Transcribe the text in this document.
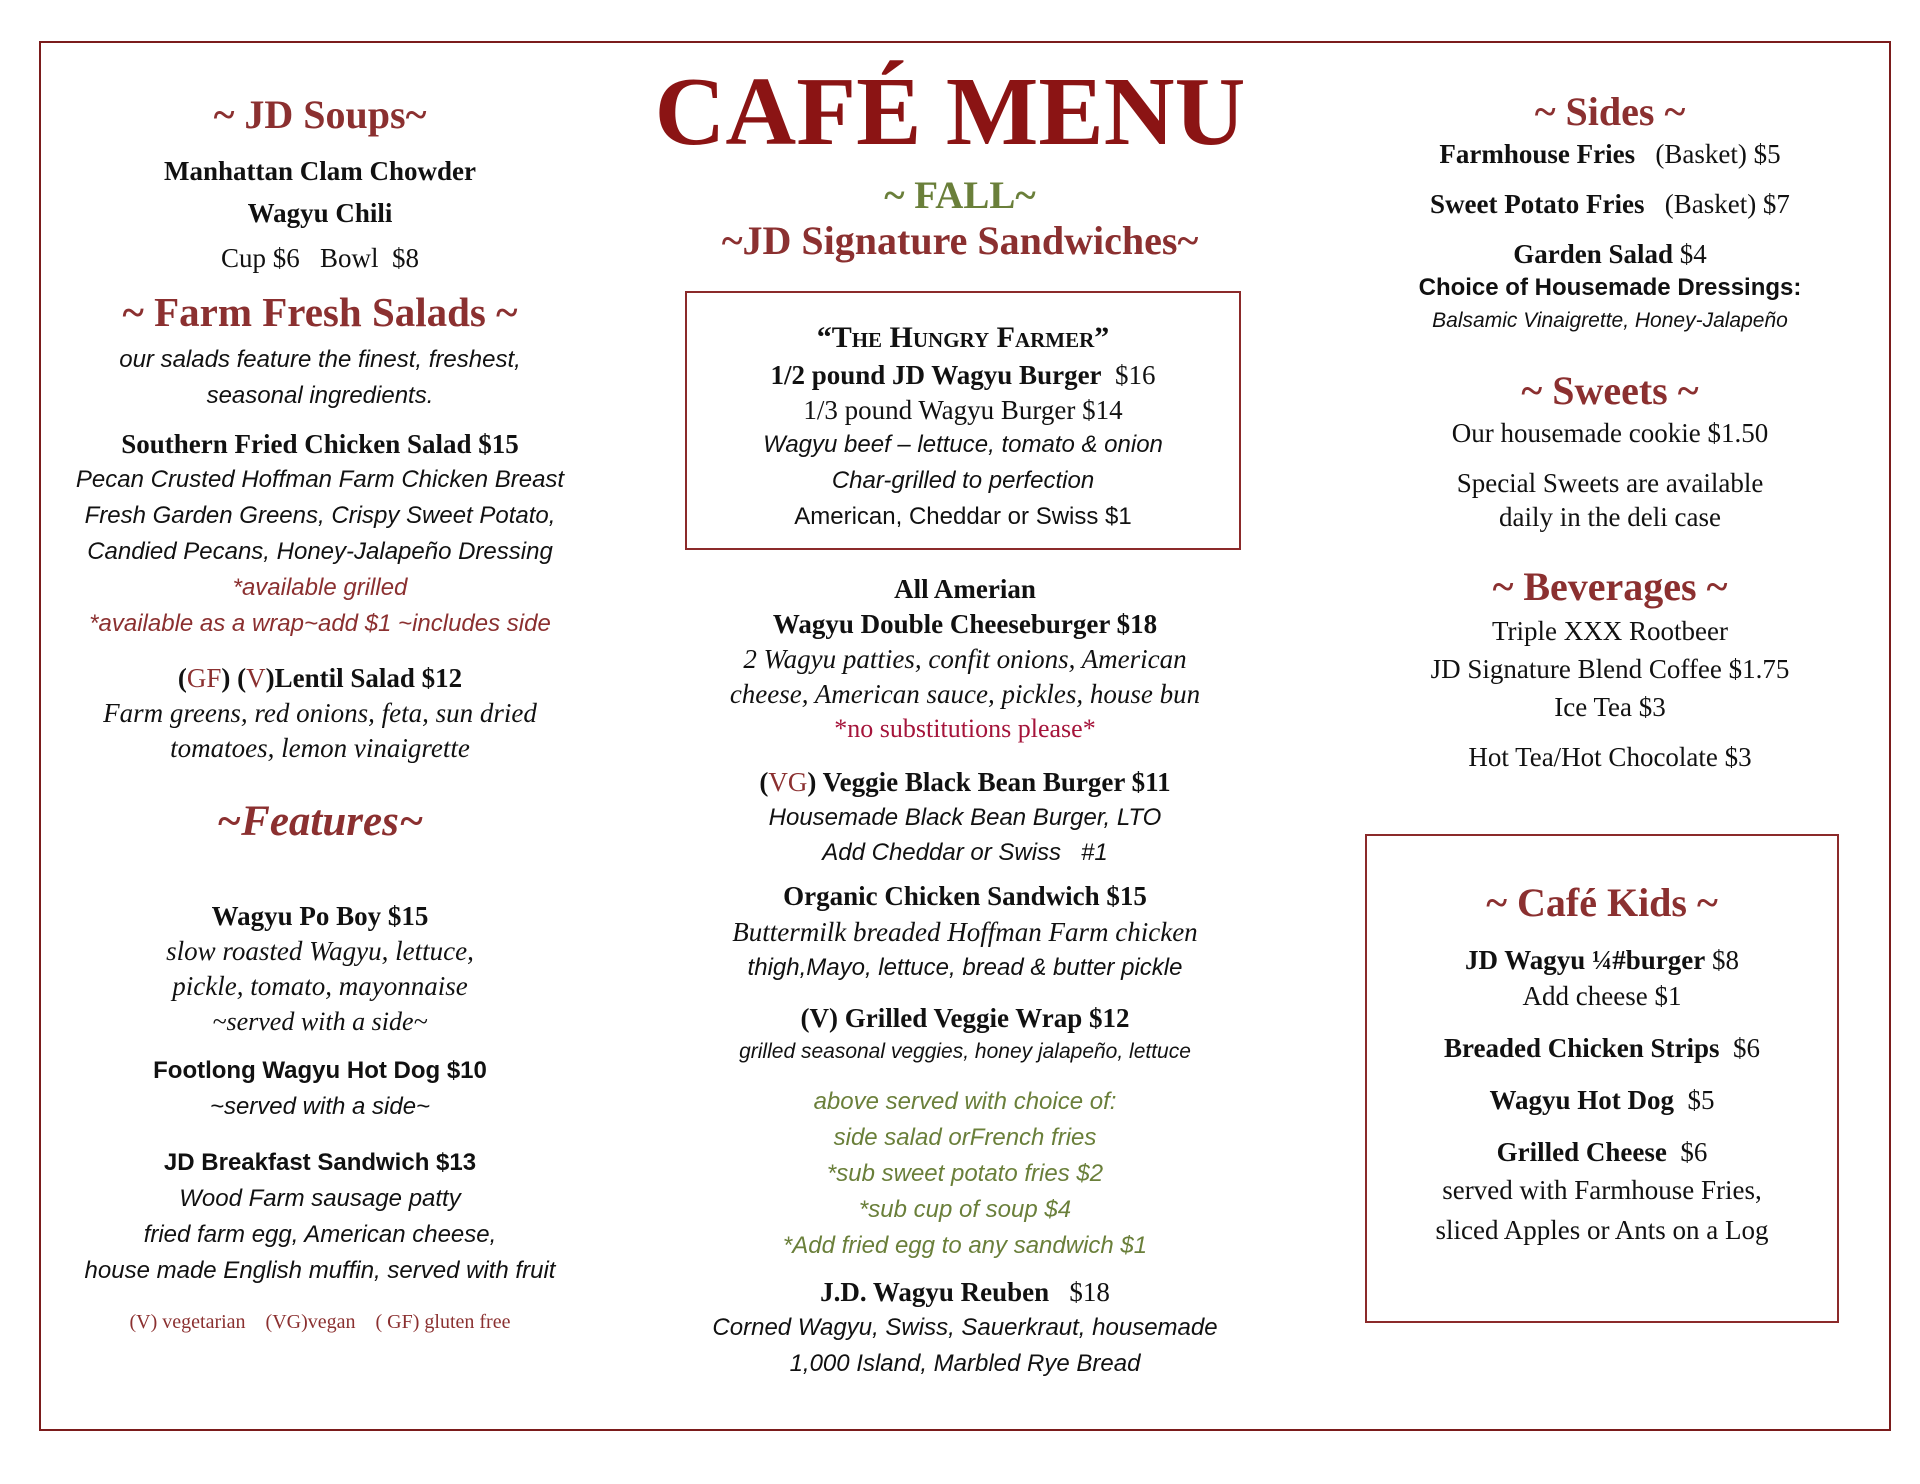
CAFÉ MENU
~ JD Soups~
Manhattan Clam Chowder
Wagyu Chili
Cup $6   Bowl  $8
~ Farm Fresh Salads ~
our salads feature the finest, freshest,
seasonal ingredients.
Southern Fried Chicken Salad $15
Pecan Crusted Hoffman Farm Chicken Breast
Fresh Garden Greens, Crispy Sweet Potato,
Candied Pecans, Honey-Jalapeño Dressing
*available grilled
*available as a wrap~add $1 ~includes side
(GF) (V)Lentil Salad $12
Farm greens, red onions, feta, sun dried
tomatoes, lemon vinaigrette
~Features~
Wagyu Po Boy $15
slow roasted Wagyu, lettuce,
pickle, tomato, mayonnaise
~served with a side~
Footlong Wagyu Hot Dog $10
~served with a side~
JD Breakfast Sandwich $13
Wood Farm sausage patty
fried farm egg, American cheese,
house made English muffin, served with fruit
(V) vegetarian    (VG)vegan    ( GF) gluten free
~ FALL~
~JD Signature Sandwiches~
“The Hungry Farmer”
1/2 pound JD Wagyu Burger $16
1/3 pound Wagyu Burger $14
Wagyu beef – lettuce, tomato & onion
Char-grilled to perfection
American, Cheddar or Swiss $1
All Amerian
Wagyu Double Cheeseburger $18
2 Wagyu patties, confit onions, American
cheese, American sauce, pickles, house bun
*no substitutions please*
(VG) Veggie Black Bean Burger $11
Housemade Black Bean Burger, LTO
Add Cheddar or Swiss   #1
Organic Chicken Sandwich $15
Buttermilk breaded Hoffman Farm chicken
thigh,Mayo, lettuce, bread & butter pickle
(V) Grilled Veggie Wrap $12
grilled seasonal veggies, honey jalapeño, lettuce
above served with choice of:
side salad orFrench fries
*sub sweet potato fries $2
*sub cup of soup $4
*Add fried egg to any sandwich $1
J.D. Wagyu Reuben $18
Corned Wagyu, Swiss, Sauerkraut, housemade
1,000 Island, Marbled Rye Bread
~ Sides ~
Farmhouse Fries (Basket) $5
Sweet Potato Fries (Basket) $7
Garden Salad $4
Choice of Housemade Dressings:
Balsamic Vinaigrette, Honey-Jalapeño
~ Sweets ~
Our housemade cookie $1.50
Special Sweets are available
daily in the deli case
~ Beverages ~
Triple XXX Rootbeer
JD Signature Blend Coffee $1.75
Ice Tea $3
Hot Tea/Hot Chocolate $3
~ Café Kids ~
JD Wagyu ¼#burger $8
Add cheese $1
Breaded Chicken Strips $6
Wagyu Hot Dog $5
Grilled Cheese $6
served with Farmhouse Fries,
sliced Apples or Ants on a Log
